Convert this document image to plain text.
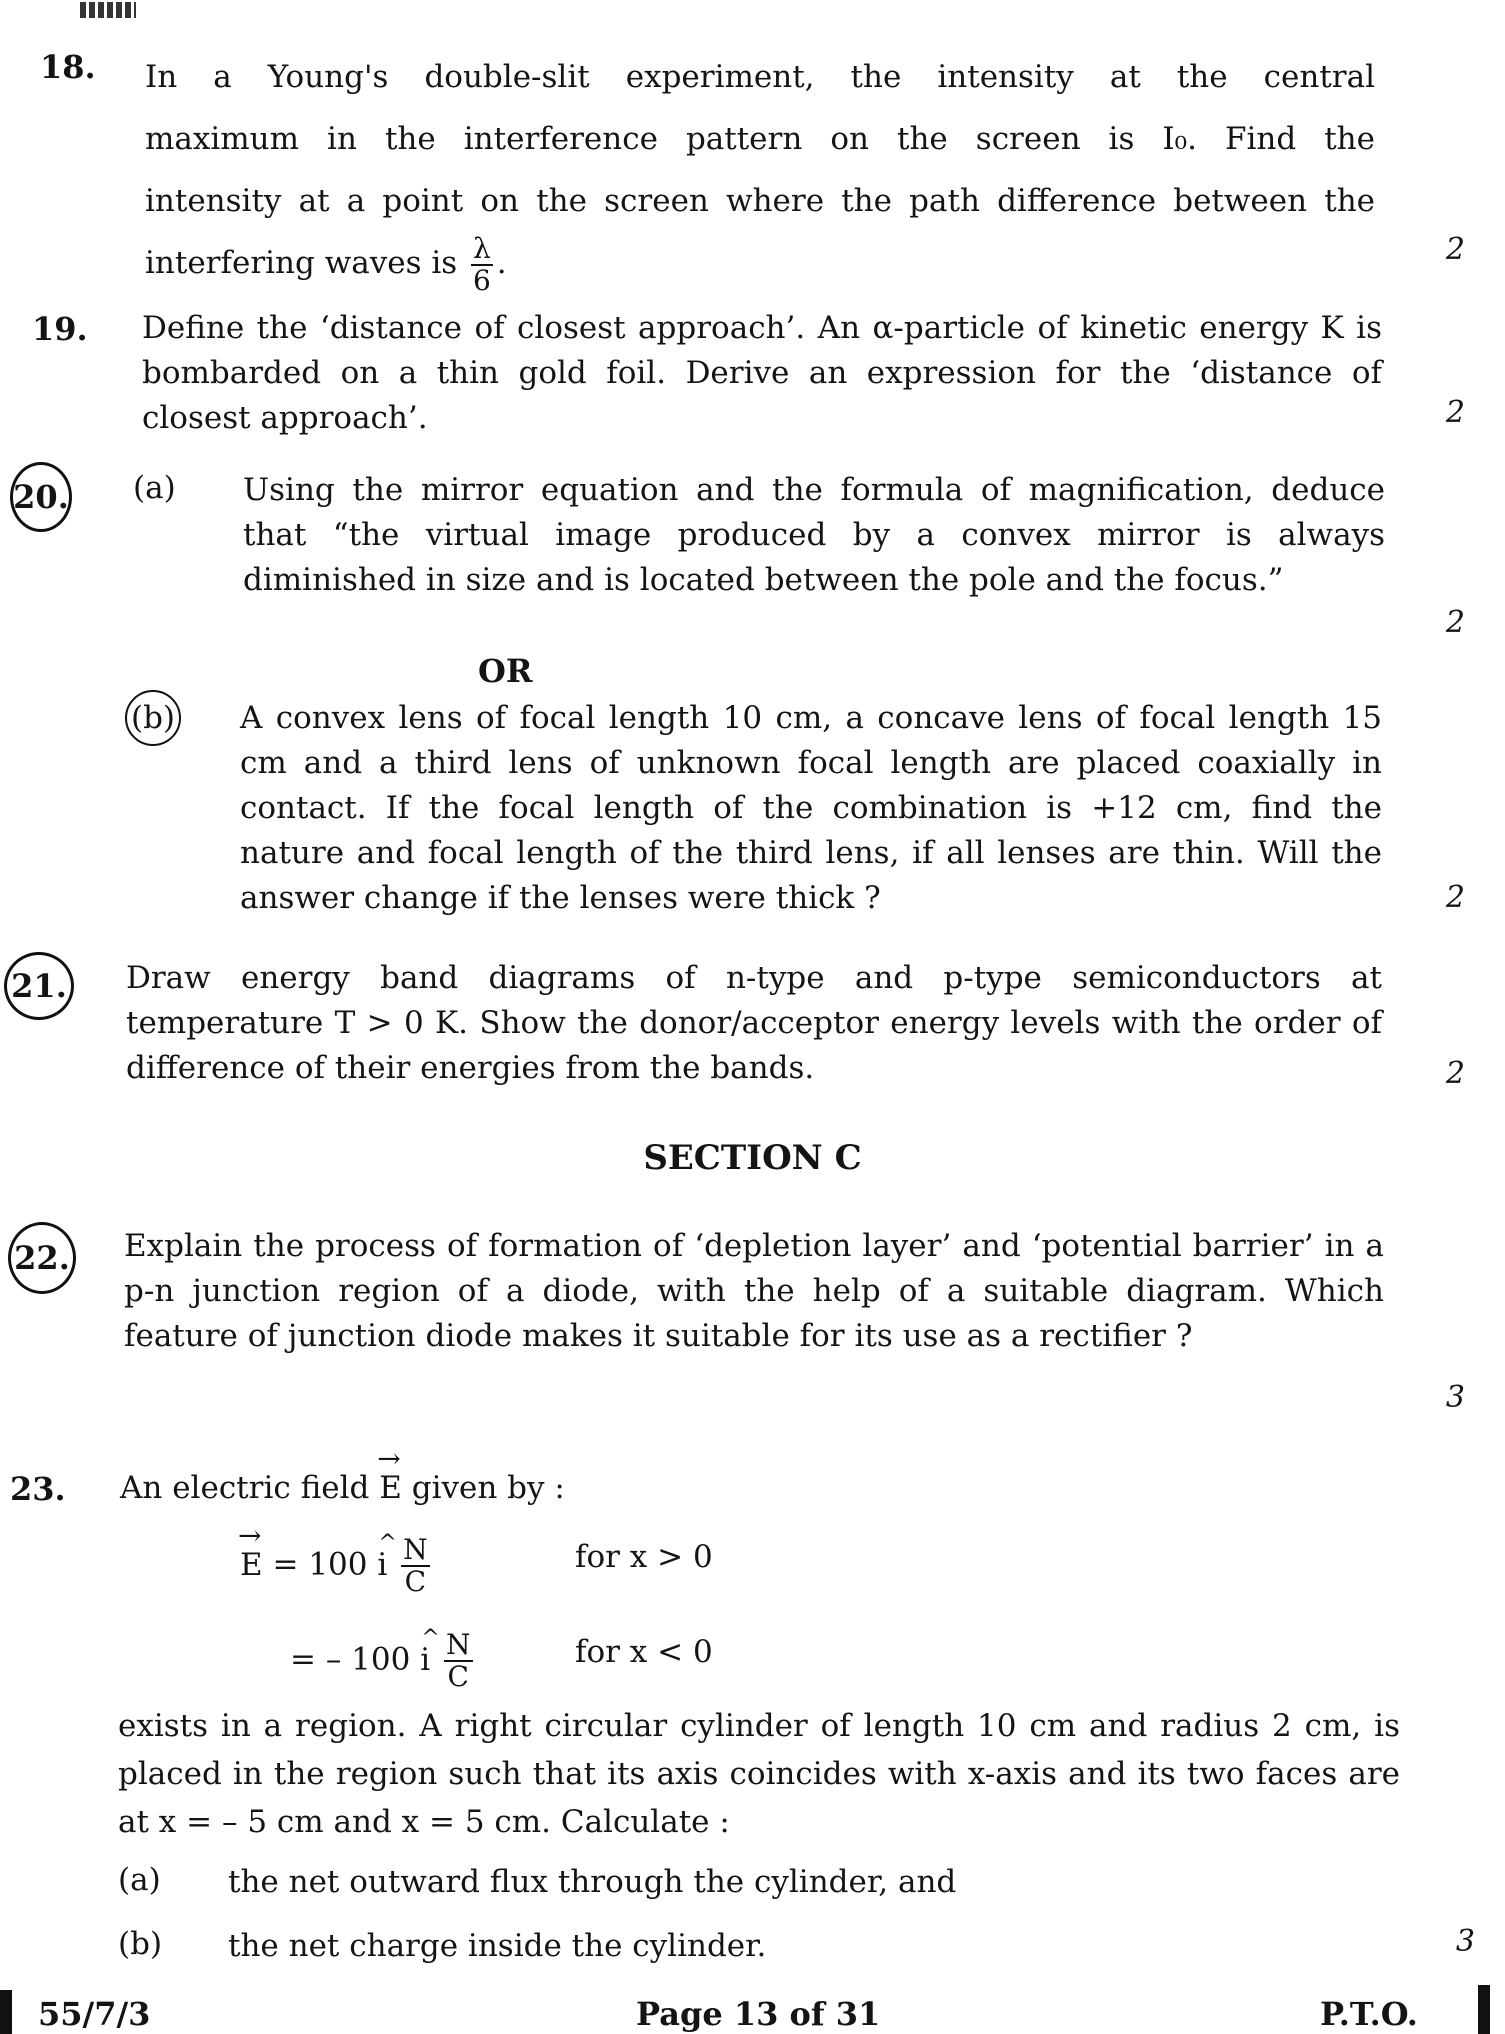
18. In a Young's double-slit experiment, the intensity at the central
maximum in the interference pattern on the screen is I₀. Find the
intensity at a point on the screen where the path difference between the
interfering waves is $\frac{\lambda}{6}$ .	2
19. Define the ‘distance of closest approach’. An α-particle of kinetic energy K is bombarded on a thin gold foil. Derive an expression for the ‘distance of closest approach’.	2
20. (a) Using the mirror equation and the formula of magnification, deduce that “the virtual image produced by a convex mirror is always diminished in size and is located between the pole and the focus.”
2
OR
(b) A convex lens of focal length 10 cm, a concave lens of focal length 15 cm and a third lens of unknown focal length are placed coaxially in contact. If the focal length of the combination is +12 cm, find the nature and focal length of the third lens, if all lenses are thin. Will the answer change if the lenses were thick ?	2
21. Draw energy band diagrams of n-type and p-type semiconductors at temperature T > 0 K. Show the donor/acceptor energy levels with the order of difference of their energies from the bands.	2
SECTION C
22. Explain the process of formation of ‘depletion layer’ and ‘potential barrier’ in a p-n junction region of a diode, with the help of a suitable diagram. Which feature of junction diode makes it suitable for its use as a rectifier ?
3
23. An electric field → E given by :
→ E = 100 ^ i $\frac{N}{C}$	for x > 0
= – 100 ^ i $\frac{N}{C}$	for x < 0
exists in a region. A right circular cylinder of length 10 cm and radius 2 cm, is placed in the region such that its axis coincides with x-axis and its two faces are at x = – 5 cm and x = 5 cm. Calculate :
(a) the net outward flux through the cylinder, and
(b) the net charge inside the cylinder.	3
55/7/3	Page 13 of 31	P.T.O.
